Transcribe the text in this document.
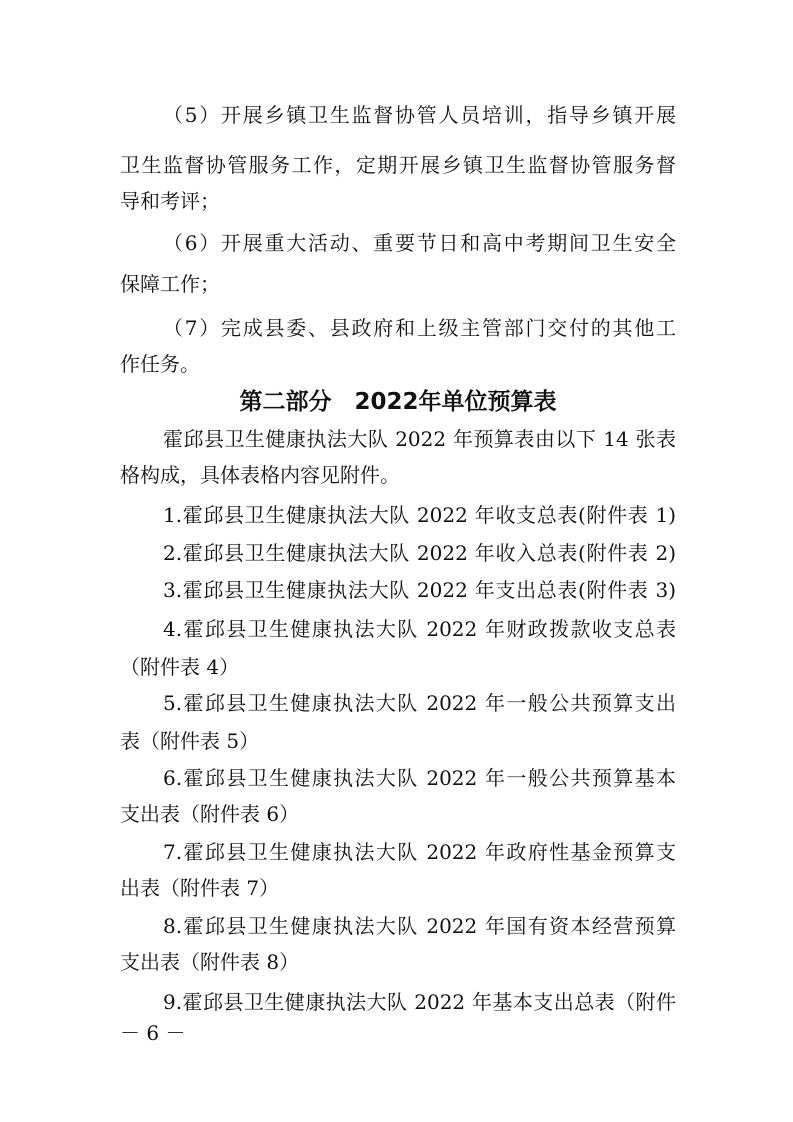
（5）开展乡镇卫生监督协管人员培训，指导乡镇开展
卫生监督协管服务工作，定期开展乡镇卫生监督协管服务督
导和考评；
（6）开展重大活动、重要节日和高中考期间卫生安全
保障工作；
（7）完成县委、县政府和上级主管部门交付的其他工
作任务。
第二部分　2022年单位预算表
霍邱县卫生健康执法大队 2022 年预算表由以下 14 张表
格构成，具体表格内容见附件。
1.霍邱县卫生健康执法大队 2022 年收支总表(附件表 1)
2.霍邱县卫生健康执法大队 2022 年收入总表(附件表 2)
3.霍邱县卫生健康执法大队 2022 年支出总表(附件表 3)
4.霍邱县卫生健康执法大队 2022 年财政拨款收支总表
（附件表 4）
5.霍邱县卫生健康执法大队 2022 年一般公共预算支出
表（附件表 5）
6.霍邱县卫生健康执法大队 2022 年一般公共预算基本
支出表（附件表 6）
7.霍邱县卫生健康执法大队 2022 年政府性基金预算支
出表（附件表 7）
8.霍邱县卫生健康执法大队 2022 年国有资本经营预算
支出表（附件表 8）
9.霍邱县卫生健康执法大队 2022 年基本支出总表（附件
－ 6 －
